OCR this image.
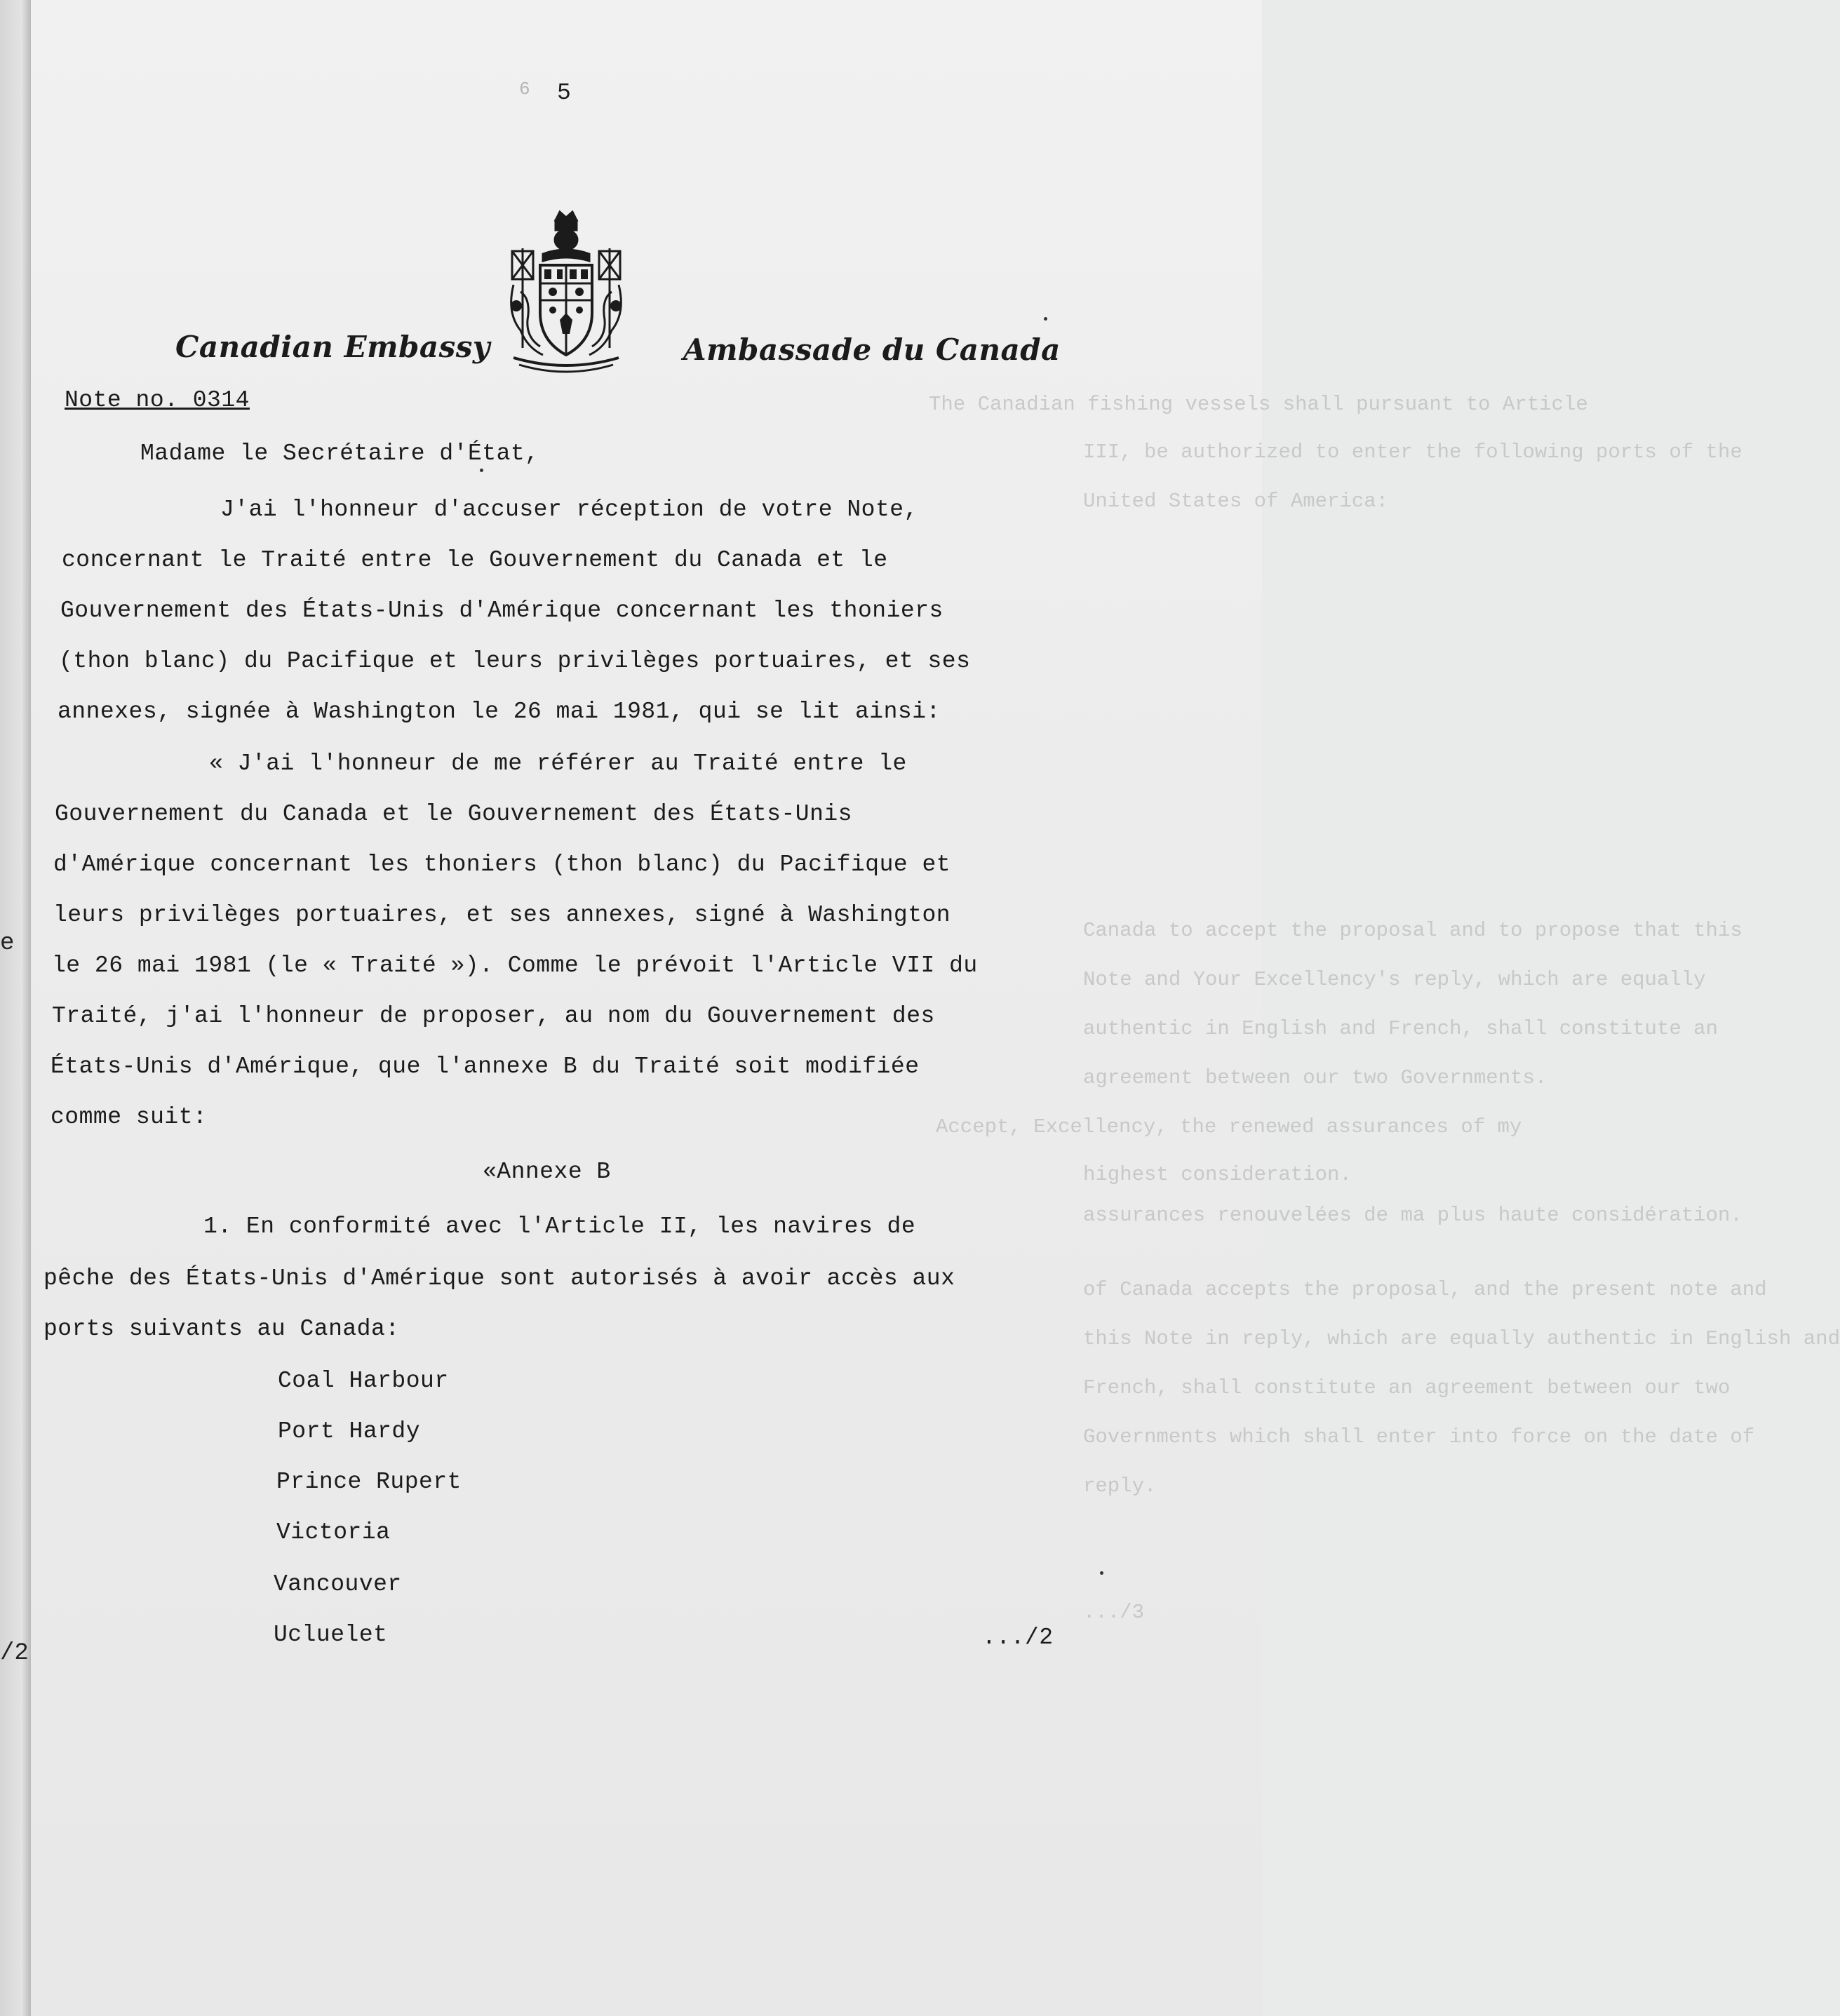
e
/2
The Canadian fishing vessels shall pursuant to Article
III, be authorized to enter the following ports of the
United States of America:
Canada to accept the proposal and to propose that this
Note and Your Excellency's reply, which are equally
authentic in English and French, shall constitute an
agreement between our two Governments.
Accept, Excellency, the renewed assurances of my
highest consideration.
assurances renouvelées de ma plus haute considération.
of Canada accepts the proposal, and the present note and
this Note in reply, which are equally authentic in English and
French, shall constitute an agreement between our two
Governments which shall enter into force on the date of
reply.
.../3
6 5
Canadian Embassy	Ambassade du Canada
Note no. 0314
Madame le Secrétaire d'État,
J'ai l'honneur d'accuser réception de votre Note,
concernant le Traité entre le Gouvernement du Canada et le
Gouvernement des États-Unis d'Amérique concernant les thoniers
(thon blanc) du Pacifique et leurs privilèges portuaires, et ses
annexes, signée à Washington le 26 mai 1981, qui se lit ainsi:
« J'ai l'honneur de me référer au Traité entre le
Gouvernement du Canada et le Gouvernement des États-Unis
d'Amérique concernant les thoniers (thon blanc) du Pacifique et
leurs privilèges portuaires, et ses annexes, signé à Washington
le 26 mai 1981 (le « Traité »). Comme le prévoit l'Article VII du
Traité, j'ai l'honneur de proposer, au nom du Gouvernement des
États-Unis d'Amérique, que l'annexe B du Traité soit modifiée
comme suit:
«Annexe B
1. En conformité avec l'Article II, les navires de
pêche des États-Unis d'Amérique sont autorisés à avoir accès aux
ports suivants au Canada:
Coal Harbour
Port Hardy
Prince Rupert
Victoria
Vancouver
Ucluelet	.../2
